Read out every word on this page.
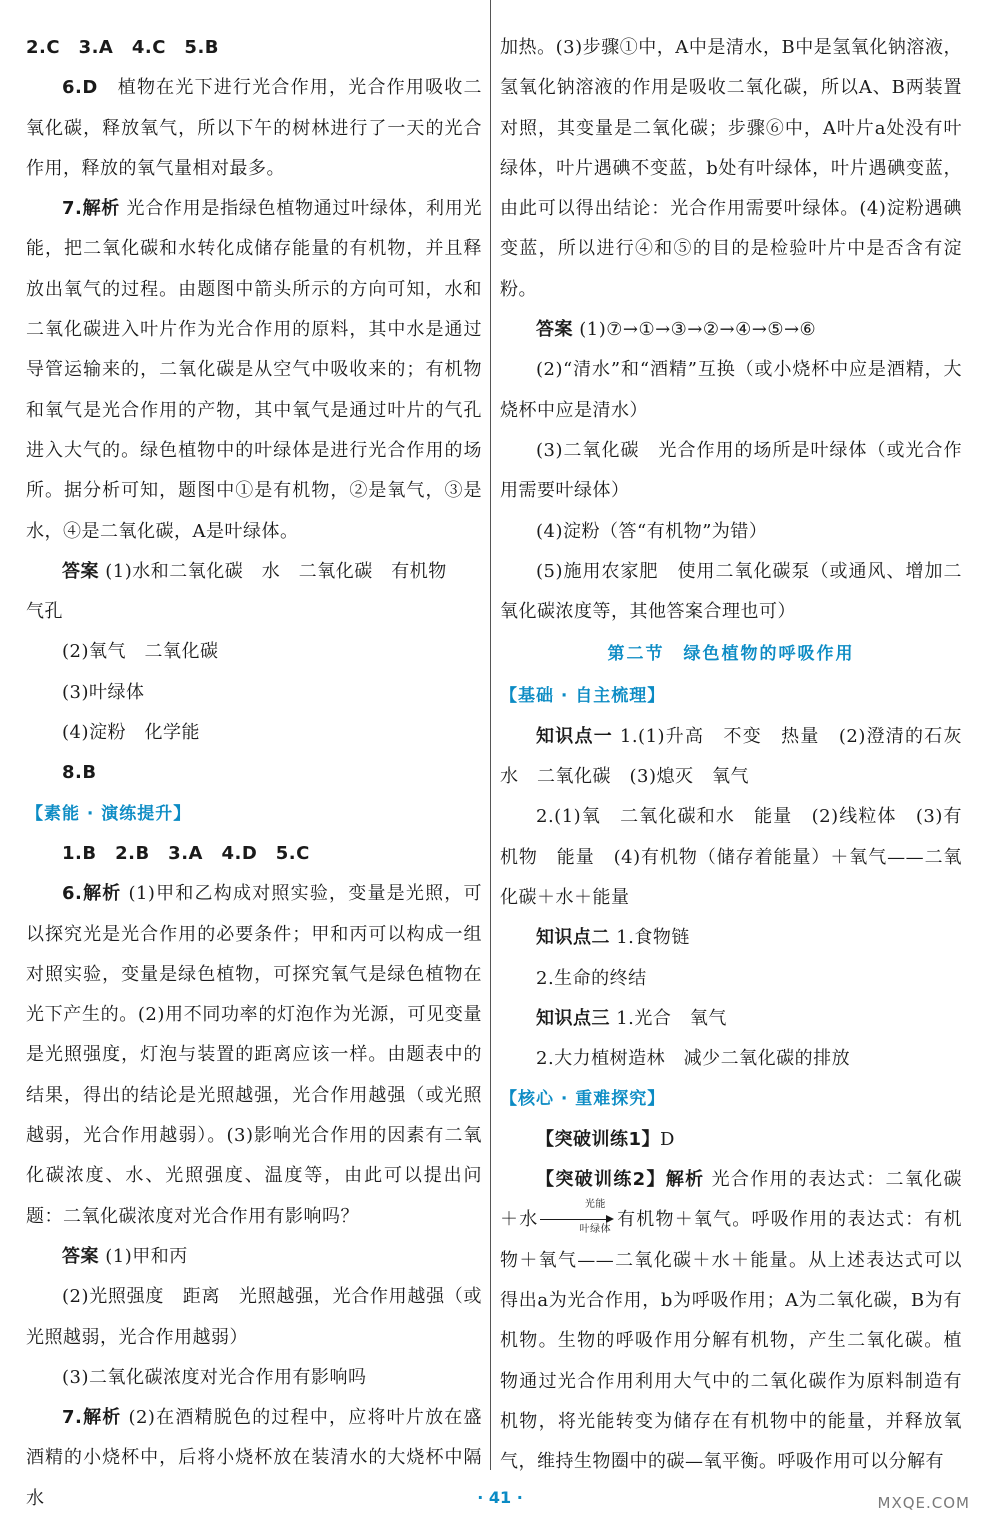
2.C　3.A　4.C　5.B

6.D　植物在光下进行光合作用，光合作用吸收二氧化碳，释放氧气，所以下午的树林进行了一天的光合作用，释放的氧气量相对最多。

7.解析 光合作用是指绿色植物通过叶绿体，利用光能，把二氧化碳和水转化成储存能量的有机物，并且释放出氧气的过程。由题图中箭头所示的方向可知，水和二氧化碳进入叶片作为光合作用的原料，其中水是通过导管运输来的，二氧化碳是从空气中吸收来的；有机物和氧气是光合作用的产物，其中氧气是通过叶片的气孔进入大气的。绿色植物中的叶绿体是进行光合作用的场所。据分析可知，题图中①是有机物，②是氧气，③是水，④是二氧化碳，A是叶绿体。

答案 (1)水和二氧化碳　水　二氧化碳　有机物

气孔

(2)氧气　二氧化碳

(3)叶绿体

(4)淀粉　化学能

8.B

【素能 · 演练提升】

1.B　2.B　3.A　4.D　5.C

6.解析 (1)甲和乙构成对照实验，变量是光照，可以探究光是光合作用的必要条件；甲和丙可以构成一组对照实验，变量是绿色植物，可探究氧气是绿色植物在光下产生的。(2)用不同功率的灯泡作为光源，可见变量是光照强度，灯泡与装置的距离应该一样。由题表中的结果，得出的结论是光照越强，光合作用越强（或光照越弱，光合作用越弱）。(3)影响光合作用的因素有二氧化碳浓度、水、光照强度、温度等，由此可以提出问题：二氧化碳浓度对光合作用有影响吗？

答案 (1)甲和丙

(2)光照强度　距离　光照越强，光合作用越强（或光照越弱，光合作用越弱）

(3)二氧化碳浓度对光合作用有影响吗

7.解析 (2)在酒精脱色的过程中，应将叶片放在盛酒精的小烧杯中，后将小烧杯放在装清水的大烧杯中隔水

加热。(3)步骤①中，A中是清水，B中是氢氧化钠溶液，氢氧化钠溶液的作用是吸收二氧化碳，所以A、B两装置对照，其变量是二氧化碳；步骤⑥中，A叶片a处没有叶绿体，叶片遇碘不变蓝，b处有叶绿体，叶片遇碘变蓝，由此可以得出结论：光合作用需要叶绿体。(4)淀粉遇碘变蓝，所以进行④和⑤的目的是检验叶片中是否含有淀粉。

答案 (1)⑦→①→③→②→④→⑤→⑥

(2)“清水”和“酒精”互换（或小烧杯中应是酒精，大烧杯中应是清水）

(3)二氧化碳　光合作用的场所是叶绿体（或光合作用需要叶绿体）

(4)淀粉（答“有机物”为错）

(5)施用农家肥　使用二氧化碳泵（或通风、增加二氧化碳浓度等，其他答案合理也可）

第二节　绿色植物的呼吸作用

【基础 · 自主梳理】

知识点一 1.(1)升高　不变　热量　(2)澄清的石灰水　二氧化碳　(3)熄灭　氧气

2.(1)氧　二氧化碳和水　能量　(2)线粒体　(3)有机物　能量　(4)有机物（储存着能量）＋氧气——二氧化碳＋水＋能量

知识点二 1.食物链

2.生命的终结

知识点三 1.光合　氧气

2.大力植树造林　减少二氧化碳的排放

【核心 · 重难探究】

【突破训练1】D

【突破训练2】解析 光合作用的表达式：二氧化碳＋水
光能
叶绿体 有机物＋氧气。呼吸作用的表达式：有机物＋氧气——二氧化碳＋水＋能量。从上述表达式可以得出a为光合作用，b为呼吸作用；A为二氧化碳，B为有机物。生物的呼吸作用分解有机物，产生二氧化碳。植物通过光合作用利用大气中的二氧化碳作为原料制造有机物，将光能转变为储存在有机物中的能量，并释放氧气，维持生物圈中的碳—氧平衡。呼吸作用可以分解有

· 41 ·	MXQE.COM
